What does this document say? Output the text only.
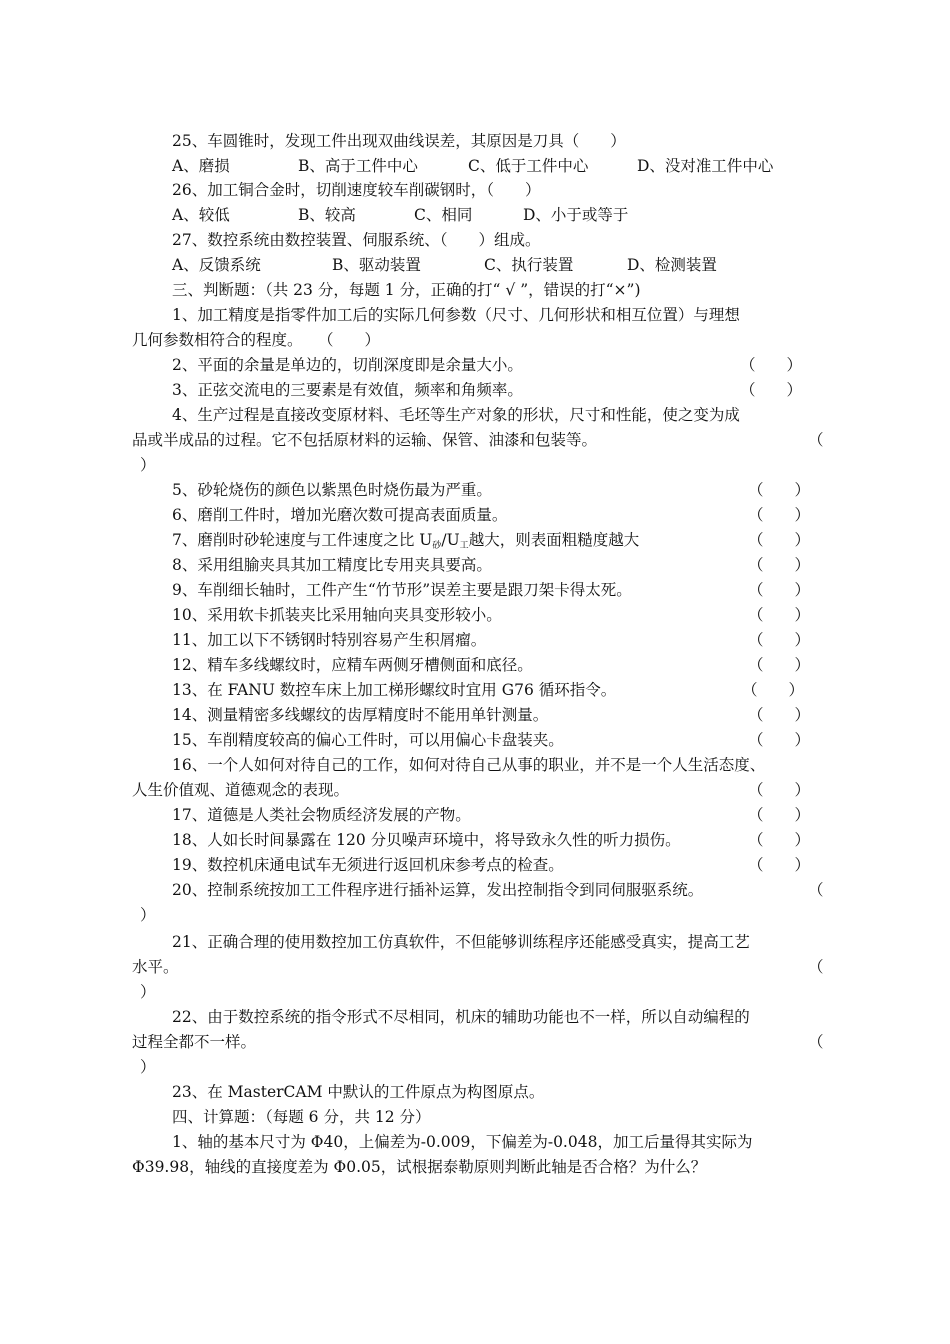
25、车圆锥时，发现工件出现双曲线误差，其原因是刀具（　　）
A、磨损	B、高于工件中心	C、低于工件中心	D、没对准工件中心
26、加工铜合金时，切削速度较车削碳钢时，（　　）
A、较低	B、较高	C、相同	D、小于或等于
27、数控系统由数控装置、伺服系统、（　　）组成。
A、反馈系统	B、驱动装置	C、执行装置	D、检测装置
三、判断题：（共 23 分，每题 1 分，正确的打“ √ ”，错误的打“×”)
1、加工精度是指零件加工后的实际几何参数（尺寸、几何形状和相互位置）与理想
几何参数相符合的程度。　　（　　）
2、平面的余量是单边的，切削深度即是余量大小。	（　　）
3、正弦交流电的三要素是有效值，频率和角频率。	（　　）
4、生产过程是直接改变原材料、毛坯等生产对象的形状，尺寸和性能，使之变为成
品或半成品的过程。它不包括原材料的运输、保管、油漆和包装等。	（
）
5、砂轮烧伤的颜色以紫黑色时烧伤最为严重。	（　　）
6、磨削工件时，增加光磨次数可提高表面质量。	（　　）
7、磨削时砂轮速度与工件速度之比 $U_砂/U_工$越大，则表面粗糙度越大	（　　）
8、采用组腧夹具其加工精度比专用夹具要高。	（　　）
9、车削细长轴时，工件产生“竹节形”误差主要是跟刀架卡得太死。	（　　）
10、采用软卡抓装夹比采用轴向夹具变形较小。	（　　）
11、加工以下不锈钢时特别容易产生积屑瘤。	（　　）
12、精车多线螺纹时，应精车两侧牙槽侧面和底径。	（　　）
13、在 FANU 数控车床上加工梯形螺纹时宜用 G76 循环指令。	（　　）
14、测量精密多线螺纹的齿厚精度时不能用单针测量。	（　　）
15、车削精度较高的偏心工件时，可以用偏心卡盘装夹。	（　　）
16、一个人如何对待自己的工作，如何对待自己从事的职业，并不是一个人生活态度、
人生价值观、道德观念的表现。	（　　）
17、道德是人类社会物质经济发展的产物。	（　　）
18、人如长时间暴露在 120 分贝噪声环境中，将导致永久性的听力损伤。	（　　）
19、数控机床通电试车无须进行返回机床参考点的检查。	（　　）
20、控制系统按加工工件程序进行插补运算，发出控制指令到同伺服驱系统。	（
）
21、正确合理的使用数控加工仿真软件，不但能够训练程序还能感受真实，提高工艺
水平。	（
）
22、由于数控系统的指令形式不尽相同，机床的辅助功能也不一样，所以自动编程的
过程全都不一样。	（
）
23、在 MasterCAM 中默认的工件原点为构图原点。
四、计算题：（每题 6 分，共 12 分）
1、轴的基本尺寸为 Φ40，上偏差为-0.009，下偏差为-0.048，加工后量得其实际为
Φ39.98，轴线的直接度差为 Φ0.05，试根据泰勒原则判断此轴是否合格？为什么？
